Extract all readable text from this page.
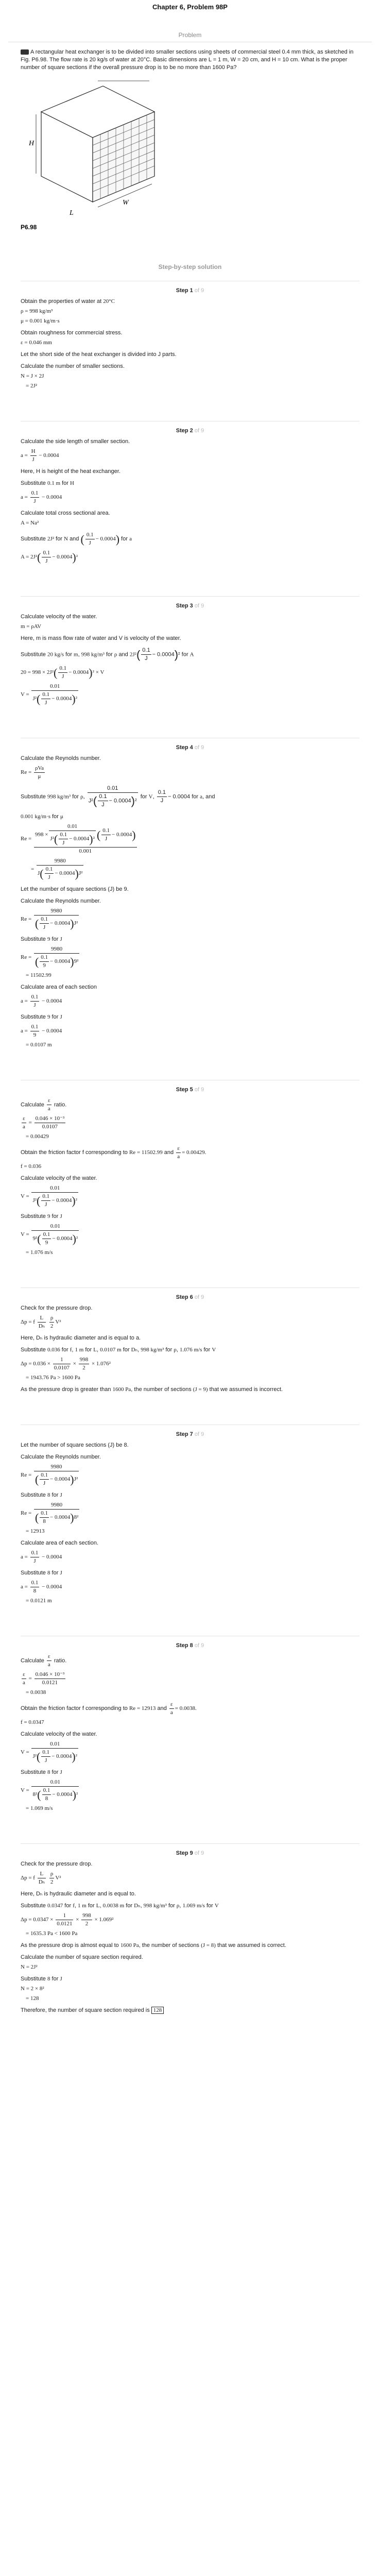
Chapter 6, Problem 98P
Problem
A rectangular heat exchanger is to be divided into smaller sections using sheets of commercial steel 0.4 mm thick, as sketched in Fig. P6.98. The flow rate is 20 kg/s of water at 20°C. Basic dimensions are L = 1 m, W = 20 cm, and H = 10 cm. What is the proper number of square sections if the overall pressure drop is to be no more than 1600 Pa?
H
W
L
P6.98
Step-by-step solution
Step 1 of 9
Obtain the properties of water at 20°C
ρ = 998 kg/m³
μ = 0.001 kg/m·s
Obtain roughness for commercial stress.
ε = 0.046 mm
Let the short side of the heat exchanger is divided into J parts.
Calculate the number of smaller sections.
N = J × 2J
= 2J²
Step 2 of 9
Calculate the side length of smaller section.
$a = \frac{H}{J} - 0.0004$
Here, H is height of the heat exchanger.
Substitute 0.1 m for H
$a = \frac{0.1}{J} - 0.0004$
Calculate total cross sectional area.
A = Na²
Substitute 2J² for N and ( $\frac{0.1}{J} - 0.0004$) for a
$A = 2J^2( \frac{0.1}{J} - 0.0004)^2$
Step 3 of 9
Calculate velocity of the water.
m = ρAV
Here, m is mass flow rate of water and V is velocity of the water.
Substitute 20 kg/s for m, 998 kg/m³ for ρ and $2J^2( \frac{0.1}{J} - 0.0004)^2$ for A
$20 = 998 \times 2J^2( \frac{0.1}{J} - 0.0004)^2 \times V$
$V = \frac{0.01}{J^2( \frac{0.1}{J} - 0.0004)^2}$
Step 4 of 9
Calculate the Reynolds number.
$Re = \frac{\text{ρVa}}{\mu}$
Substitute 998 kg/m³ for ρ, $\frac{0.01}{J^2( \frac{0.1}{J} - 0.0004)^2}$ for V, $\frac{0.1}{J} - 0.0004$ for a, and
0.001 kg/m·s for μ
$Re = \frac{998 \times \frac{0.01}{J^2( \frac{0.1}{J} - 0.0004)^2} ( \frac{0.1}{J} - 0.0004)}{0.001}$
= $\frac{9980}{J( \frac{0.1}{J} - 0.0004)J^2}$
Let the number of square sections (J) be 9.
Calculate the Reynolds number.
$Re = \frac{9980}{( \frac{0.1}{J} - 0.0004)J^2}$
Substitute 9 for J
$Re = \frac{9980}{( \frac{0.1}{9} - 0.0004)9^2}$
= 11502.99
Calculate area of each section
$a = \frac{0.1}{J} - 0.0004$
Substitute 9 for J
$a = \frac{0.1}{9} - 0.0004$
= 0.0107 m
Step 5 of 9
Calculate $\frac{\varepsilon}{a}$ ratio.
$\frac{\varepsilon}{a} = \frac{\text{0.046 × 10⁻³}}{0.0107}$
= 0.00429
Obtain the friction factor f corresponding to Re = 11502.99 and $\frac{\varepsilon}{a} = 0.00429$.
f = 0.036
Calculate velocity of the water.
$V = \frac{0.01}{J^2( \frac{0.1}{J} - 0.0004)^2}$
Substitute 9 for J
$V = \frac{0.01}{9^2( \frac{0.1}{9} - 0.0004)^2}$
= 1.076 m/s
Step 6 of 9
Check for the pressure drop.
Δp = f $\frac{L}{\text{Dₕ}}$
$\frac{\rho}{2} V^2$
Here, Dₕ is hydraulic diameter and is equal to a.
Substitute 0.036 for f, 1 m for L, 0.0107 m for Dₕ, 998 kg/m³ for ρ, 1.076 m/s for V
$\Delta p = 0.036 \times \frac{1}{0.0107} \times \frac{998}{2} \times 1.076^2$
= 1943.76 Pa > 1600 Pa
As the pressure drop is greater than 1600 Pa, the number of sections (J = 9) that we assumed is incorrect.
Step 7 of 9
Let the number of square sections (J) be 8.
Calculate the Reynolds number.
$Re = \frac{9980}{( \frac{0.1}{J} - 0.0004)J^2}$
Substitute 8 for J
$Re = \frac{9980}{( \frac{0.1}{8} - 0.0004)8^2}$
= 12913
Calculate area of each section.
$a = \frac{0.1}{J} - 0.0004$
Substitute 8 for J
$a = \frac{0.1}{8} - 0.0004$
= 0.0121 m
Step 8 of 9
Calculate $\frac{\varepsilon}{a}$ ratio.
$\frac{\varepsilon}{a} = \frac{\text{0.046 × 10⁻³}}{0.0121}$
= 0.0038
Obtain the friction factor f corresponding to Re = 12913 and $\frac{\varepsilon}{a} = 0.0038$.
f = 0.0347
Calculate velocity of the water.
$V = \frac{0.01}{J^2( \frac{0.1}{J} - 0.0004)^2}$
Substitute 8 for J
$V = \frac{0.01}{8^2( \frac{0.1}{8} - 0.0004)^2}$
= 1.069 m/s
Step 9 of 9
Check for the pressure drop.
Δp = f $\frac{L}{\text{Dₕ}}$
$\frac{\rho}{2} V^2$
Here, Dₕ is hydraulic diameter and is equal to.
Substitute 0.0347 for f, 1 m for L, 0.0038 m for Dₕ, 998 kg/m³ for ρ, 1.069 m/s for V
$\Delta p = 0.0347 \times \frac{1}{0.0121} \times \frac{998}{2} \times 1.069^2$
= 1635.3 Pa < 1600 Pa
As the pressure drop is almost equal to 1600 Pa, the number of sections (J = 8) that we assumed is correct.
Calculate the number of square section required.
N = 2J²
Substitute 8 for J
N = 2 × 8²
= 128
Therefore, the number of square section required is 128
